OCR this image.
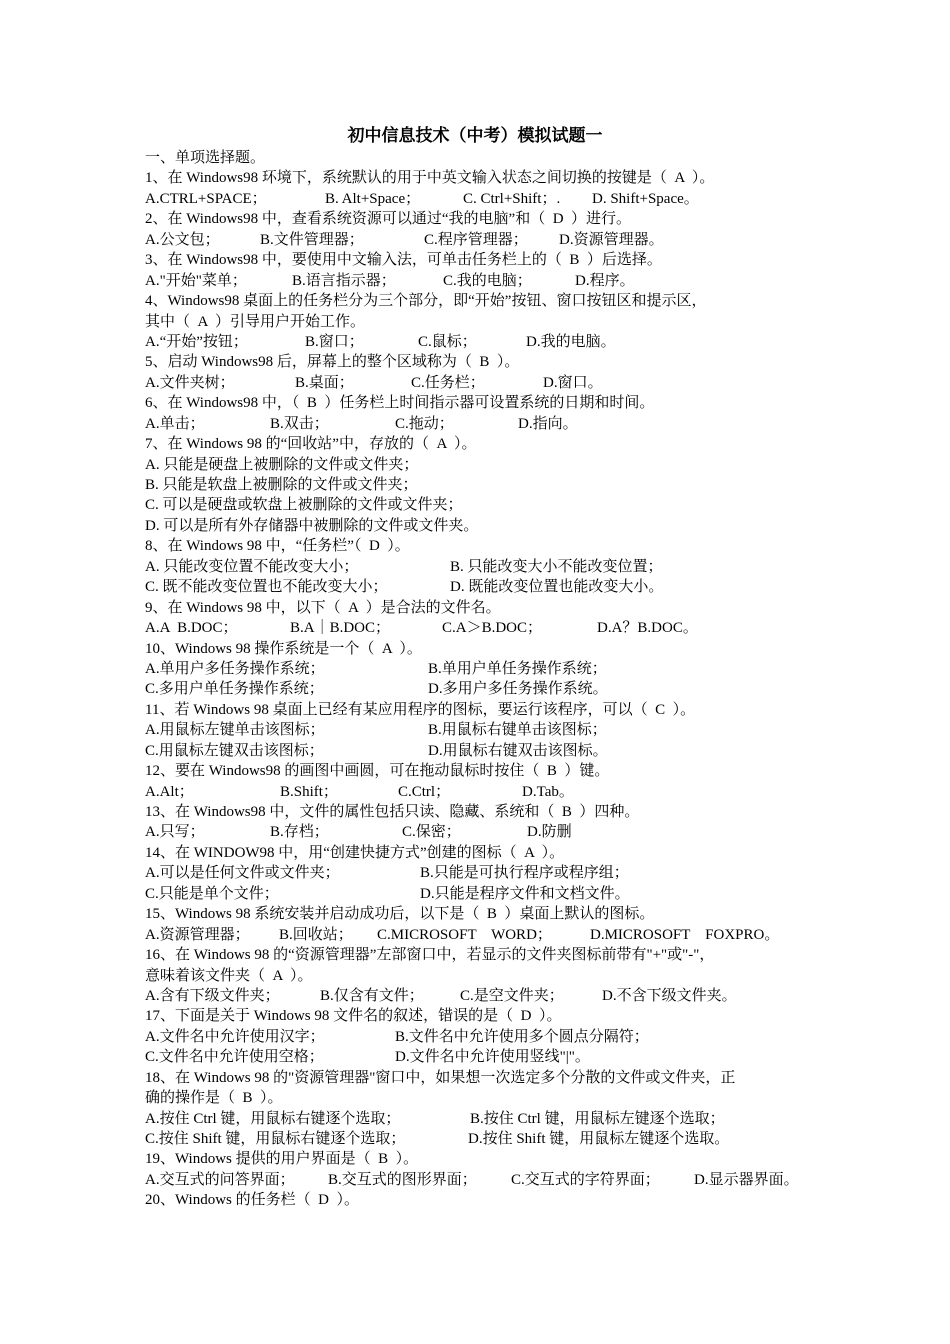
初中信息技术（中考）模拟试题一
一、单项选择题。
1、在 Windows98 环境下，系统默认的用于中英文输入状态之间切换的按键是（  A  ）。
A.CTRL+SPACE；	B. Alt+Space；	C. Ctrl+Shift；. D. Shift+Space。
2、在 Windows98 中，查看系统资源可以通过“我的电脑”和（  D  ）进行。
A.公文包；	B.文件管理器；	C.程序管理器； D.资源管理器。
3、在 Windows98 中，要使用中文输入法，可单击任务栏上的（  B  ）后选择。
A."开始"菜单；	B.语言指示器；	C.我的电脑；	D.程序。
4、Windows98 桌面上的任务栏分为三个部分，即“开始”按钮、窗口按钮区和提示区，
其中（  A  ）引导用户开始工作。
A.“开始”按钮；	B.窗口；	C.鼠标；	D.我的电脑。
5、启动 Windows98 后，屏幕上的整个区域称为（  B  ）。
A.文件夹树；	B.桌面；	C.任务栏；	D.窗口。
6、在 Windows98 中，（  B  ）任务栏上时间指示器可设置系统的日期和时间。
A.单击；	B.双击；	C.拖动；	D.指向。
7、在 Windows 98 的“回收站”中，存放的（  A  ）。
A. 只能是硬盘上被删除的文件或文件夹；
B. 只能是软盘上被删除的文件或文件夹；
C. 可以是硬盘或软盘上被删除的文件或文件夹；
D. 可以是所有外存储器中被删除的文件或文件夹。
8、在 Windows 98 中，“任务栏”（  D  ）。
A. 只能改变位置不能改变大小；	B. 只能改变大小不能改变位置；
C. 既不能改变位置也不能改变大小；	D. 既能改变位置也能改变大小。
9、在 Windows 98 中，以下（  A  ）是合法的文件名。
A.A  B.DOC；	B.A｜B.DOC；	C.A＞B.DOC；	D.A？B.DOC。
10、Windows 98 操作系统是一个（  A  ）。
A.单用户多任务操作系统；	B.单用户单任务操作系统；
C.多用户单任务操作系统；	D.多用户多任务操作系统。
11、若 Windows 98 桌面上已经有某应用程序的图标，要运行该程序，可以（  C  ）。
A.用鼠标左键单击该图标；	B.用鼠标右键单击该图标；
C.用鼠标左键双击该图标；	D.用鼠标右键双击该图标。
12、要在 Windows98 的画图中画圆，可在拖动鼠标时按住（  B  ）键。
A.Alt；	B.Shift；	C.Ctrl；	D.Tab。
13、在 Windows98 中，文件的属性包括只读、隐藏、系统和（  B  ）四种。
A.只写；	B.存档；	C.保密；	D.防删
14、在 WINDOW98 中，用“创建快捷方式”创建的图标（  A  ）。
A.可以是任何文件或文件夹；	B.只能是可执行程序或程序组；
C.只能是单个文件；	D.只能是程序文件和文档文件。
15、Windows 98 系统安装并启动成功后，以下是（  B  ）桌面上默认的图标。
A.资源管理器； B.回收站； C.MICROSOFT    WORD；	D.MICROSOFT    FOXPRO。
16、在 Windows 98 的“资源管理器”左部窗口中，若显示的文件夹图标前带有"+"或"-"，
意味着该文件夹（  A  ）。
A.含有下级文件夹；	B.仅含有文件； C.是空文件夹；	D.不含下级文件夹。
17、下面是关于 Windows 98 文件名的叙述，错误的是（  D  ）。
A.文件名中允许使用汉字；	B.文件名中允许使用多个圆点分隔符；
C.文件名中允许使用空格；	D.文件名中允许使用竖线"|"。
18、在 Windows 98 的"资源管理器"窗口中，如果想一次选定多个分散的文件或文件夹，正
确的操作是（  B  ）。
A.按住 Ctrl 键，用鼠标右键逐个选取；	B.按住 Ctrl 键，用鼠标左键逐个选取；
C.按住 Shift 键，用鼠标右键逐个选取；	D.按住 Shift 键，用鼠标左键逐个选取。
19、Windows 提供的用户界面是（  B  ）。
A.交互式的问答界面； B.交互式的图形界面； C.交互式的字符界面； D.显示器界面。
20、Windows 的任务栏（  D  ）。
